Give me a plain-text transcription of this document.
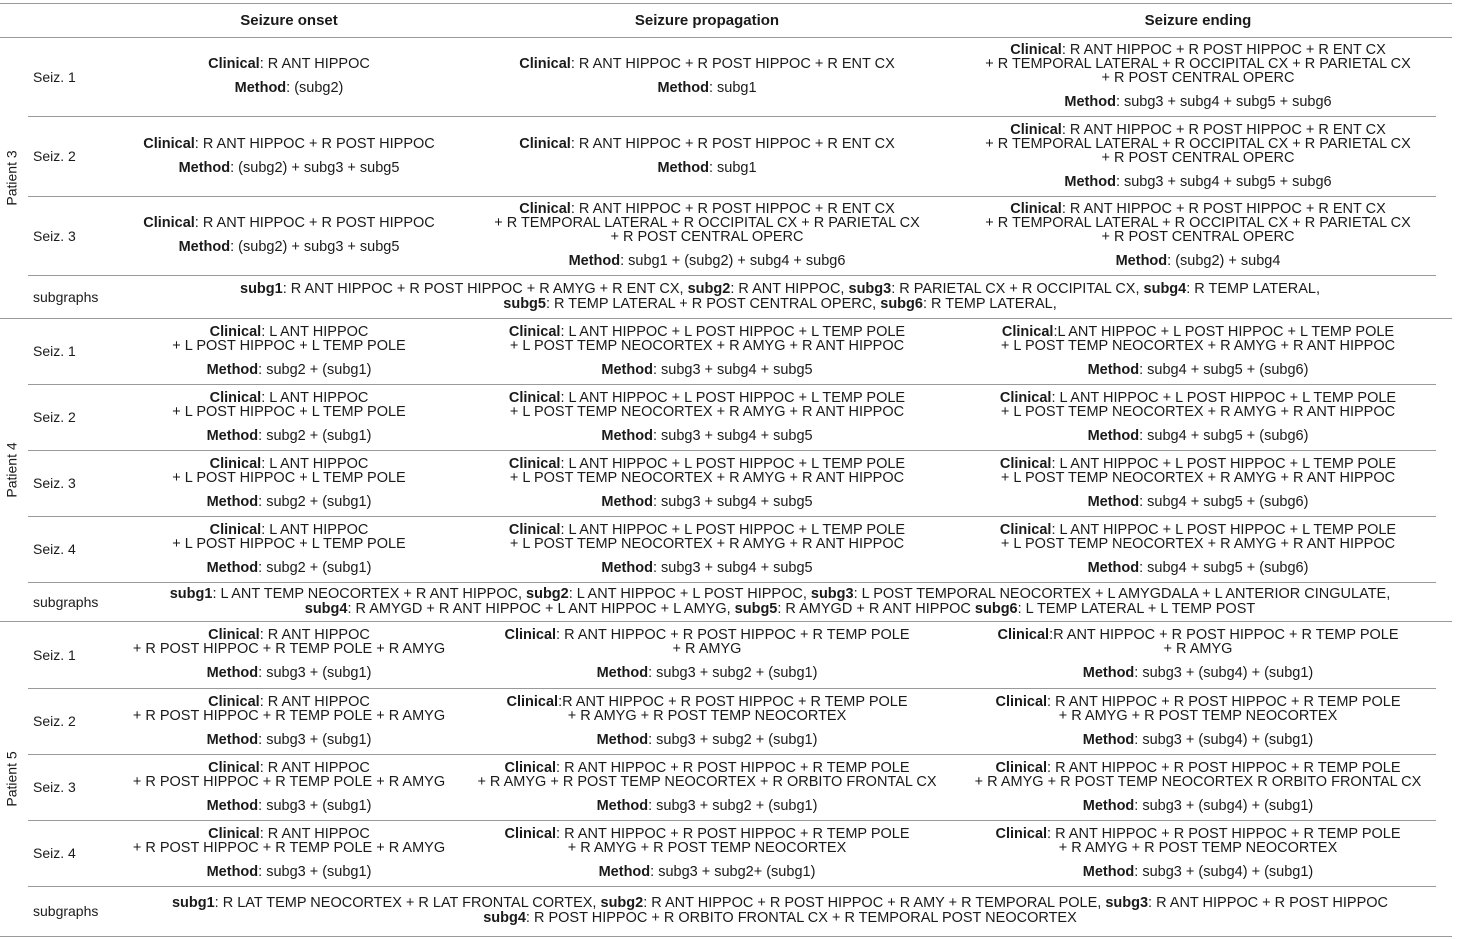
Seizure onset	Seizure propagation	Seizure ending
Patient 3
Seiz. 1
Clinical: R ANT HIPPOC
Method: (subg2)
Clinical: R ANT HIPPOC + R POST HIPPOC + R ENT CX
Method: subg1
Clinical: R ANT HIPPOC + R POST HIPPOC + R ENT CX
+ R TEMPORAL LATERAL + R OCCIPITAL CX + R PARIETAL CX
+ R POST CENTRAL OPERC
Method: subg3 + subg4 + subg5 + subg6
Seiz. 2
Clinical: R ANT HIPPOC + R POST HIPPOC
Method: (subg2) + subg3 + subg5
Clinical: R ANT HIPPOC + R POST HIPPOC + R ENT CX
Method: subg1
Clinical: R ANT HIPPOC + R POST HIPPOC + R ENT CX
+ R TEMPORAL LATERAL + R OCCIPITAL CX + R PARIETAL CX
+ R POST CENTRAL OPERC
Method: subg3 + subg4 + subg5 + subg6
Seiz. 3
Clinical: R ANT HIPPOC + R POST HIPPOC
Method: (subg2) + subg3 + subg5
Clinical: R ANT HIPPOC + R POST HIPPOC + R ENT CX
+ R TEMPORAL LATERAL + R OCCIPITAL CX + R PARIETAL CX
+ R POST CENTRAL OPERC
Method: subg1 + (subg2) + subg4 + subg6
Clinical: R ANT HIPPOC + R POST HIPPOC + R ENT CX
+ R TEMPORAL LATERAL + R OCCIPITAL CX + R PARIETAL CX
+ R POST CENTRAL OPERC
Method: (subg2) + subg4
subgraphs	subg1: R ANT HIPPOC + R POST HIPPOC + R AMYG + R ENT CX, subg2: R ANT HIPPOC, subg3: R PARIETAL CX + R OCCIPITAL CX, subg4: R TEMP LATERAL,
subg5: R TEMP LATERAL + R POST CENTRAL OPERC, subg6: R TEMP LATERAL,
Patient 4
Seiz. 1
Clinical: L ANT HIPPOC
+ L POST HIPPOC + L TEMP POLE
Method: subg2 + (subg1)
Clinical: L ANT HIPPOC + L POST HIPPOC + L TEMP POLE
+ L POST TEMP NEOCORTEX + R AMYG + R ANT HIPPOC
Method: subg3 + subg4 + subg5
Clinical:L ANT HIPPOC + L POST HIPPOC + L TEMP POLE
+ L POST TEMP NEOCORTEX + R AMYG + R ANT HIPPOC
Method: subg4 + subg5 + (subg6)
Seiz. 2
Clinical: L ANT HIPPOC
+ L POST HIPPOC + L TEMP POLE
Method: subg2 + (subg1)
Clinical: L ANT HIPPOC + L POST HIPPOC + L TEMP POLE
+ L POST TEMP NEOCORTEX + R AMYG + R ANT HIPPOC
Method: subg3 + subg4 + subg5
Clinical: L ANT HIPPOC + L POST HIPPOC + L TEMP POLE
+ L POST TEMP NEOCORTEX + R AMYG + R ANT HIPPOC
Method: subg4 + subg5 + (subg6)
Seiz. 3
Clinical: L ANT HIPPOC
+ L POST HIPPOC + L TEMP POLE
Method: subg2 + (subg1)
Clinical: L ANT HIPPOC + L POST HIPPOC + L TEMP POLE
+ L POST TEMP NEOCORTEX + R AMYG + R ANT HIPPOC
Method: subg3 + subg4 + subg5
Clinical: L ANT HIPPOC + L POST HIPPOC + L TEMP POLE
+ L POST TEMP NEOCORTEX + R AMYG + R ANT HIPPOC
Method: subg4 + subg5 + (subg6)
Seiz. 4
Clinical: L ANT HIPPOC
+ L POST HIPPOC + L TEMP POLE
Method: subg2 + (subg1)
Clinical: L ANT HIPPOC + L POST HIPPOC + L TEMP POLE
+ L POST TEMP NEOCORTEX + R AMYG + R ANT HIPPOC
Method: subg3 + subg4 + subg5
Clinical: L ANT HIPPOC + L POST HIPPOC + L TEMP POLE
+ L POST TEMP NEOCORTEX + R AMYG + R ANT HIPPOC
Method: subg4 + subg5 + (subg6)
subgraphs	subg1: L ANT TEMP NEOCORTEX + R ANT HIPPOC, subg2: L ANT HIPPOC + L POST HIPPOC, subg3: L POST TEMPORAL NEOCORTEX + L AMYGDALA + L ANTERIOR CINGULATE,
subg4: R AMYGD + R ANT HIPPOC + L ANT HIPPOC + L AMYG, subg5: R AMYGD + R ANT HIPPOC subg6: L TEMP LATERAL + L TEMP POST
Patient 5
Seiz. 1
Clinical: R ANT HIPPOC
+ R POST HIPPOC + R TEMP POLE + R AMYG
Method: subg3 + (subg1)
Clinical: R ANT HIPPOC + R POST HIPPOC + R TEMP POLE
+ R AMYG
Method: subg3 + subg2 + (subg1)
Clinical:R ANT HIPPOC + R POST HIPPOC + R TEMP POLE
+ R AMYG
Method: subg3 + (subg4) + (subg1)
Seiz. 2
Clinical: R ANT HIPPOC
+ R POST HIPPOC + R TEMP POLE + R AMYG
Method: subg3 + (subg1)
Clinical:R ANT HIPPOC + R POST HIPPOC + R TEMP POLE
+ R AMYG + R POST TEMP NEOCORTEX
Method: subg3 + subg2 + (subg1)
Clinical: R ANT HIPPOC + R POST HIPPOC + R TEMP POLE
+ R AMYG + R POST TEMP NEOCORTEX
Method: subg3 + (subg4) + (subg1)
Seiz. 3
Clinical: R ANT HIPPOC
+ R POST HIPPOC + R TEMP POLE + R AMYG
Method: subg3 + (subg1)
Clinical: R ANT HIPPOC + R POST HIPPOC + R TEMP POLE
+ R AMYG + R POST TEMP NEOCORTEX + R ORBITO FRONTAL CX
Method: subg3 + subg2 + (subg1)
Clinical: R ANT HIPPOC + R POST HIPPOC + R TEMP POLE
+ R AMYG + R POST TEMP NEOCORTEX R ORBITO FRONTAL CX
Method: subg3 + (subg4) + (subg1)
Seiz. 4
Clinical: R ANT HIPPOC
+ R POST HIPPOC + R TEMP POLE + R AMYG
Method: subg3 + (subg1)
Clinical: R ANT HIPPOC + R POST HIPPOC + R TEMP POLE
+ R AMYG + R POST TEMP NEOCORTEX
Method: subg3 + subg2+ (subg1)
Clinical: R ANT HIPPOC + R POST HIPPOC + R TEMP POLE
+ R AMYG + R POST TEMP NEOCORTEX
Method: subg3 + (subg4) + (subg1)
subgraphs	subg1: R LAT TEMP NEOCORTEX + R LAT FRONTAL CORTEX, subg2: R ANT HIPPOC + R POST HIPPOC + R AMY + R TEMPORAL POLE, subg3: R ANT HIPPOC + R POST HIPPOC
subg4: R POST HIPPOC + R ORBITO FRONTAL CX + R TEMPORAL POST NEOCORTEX
